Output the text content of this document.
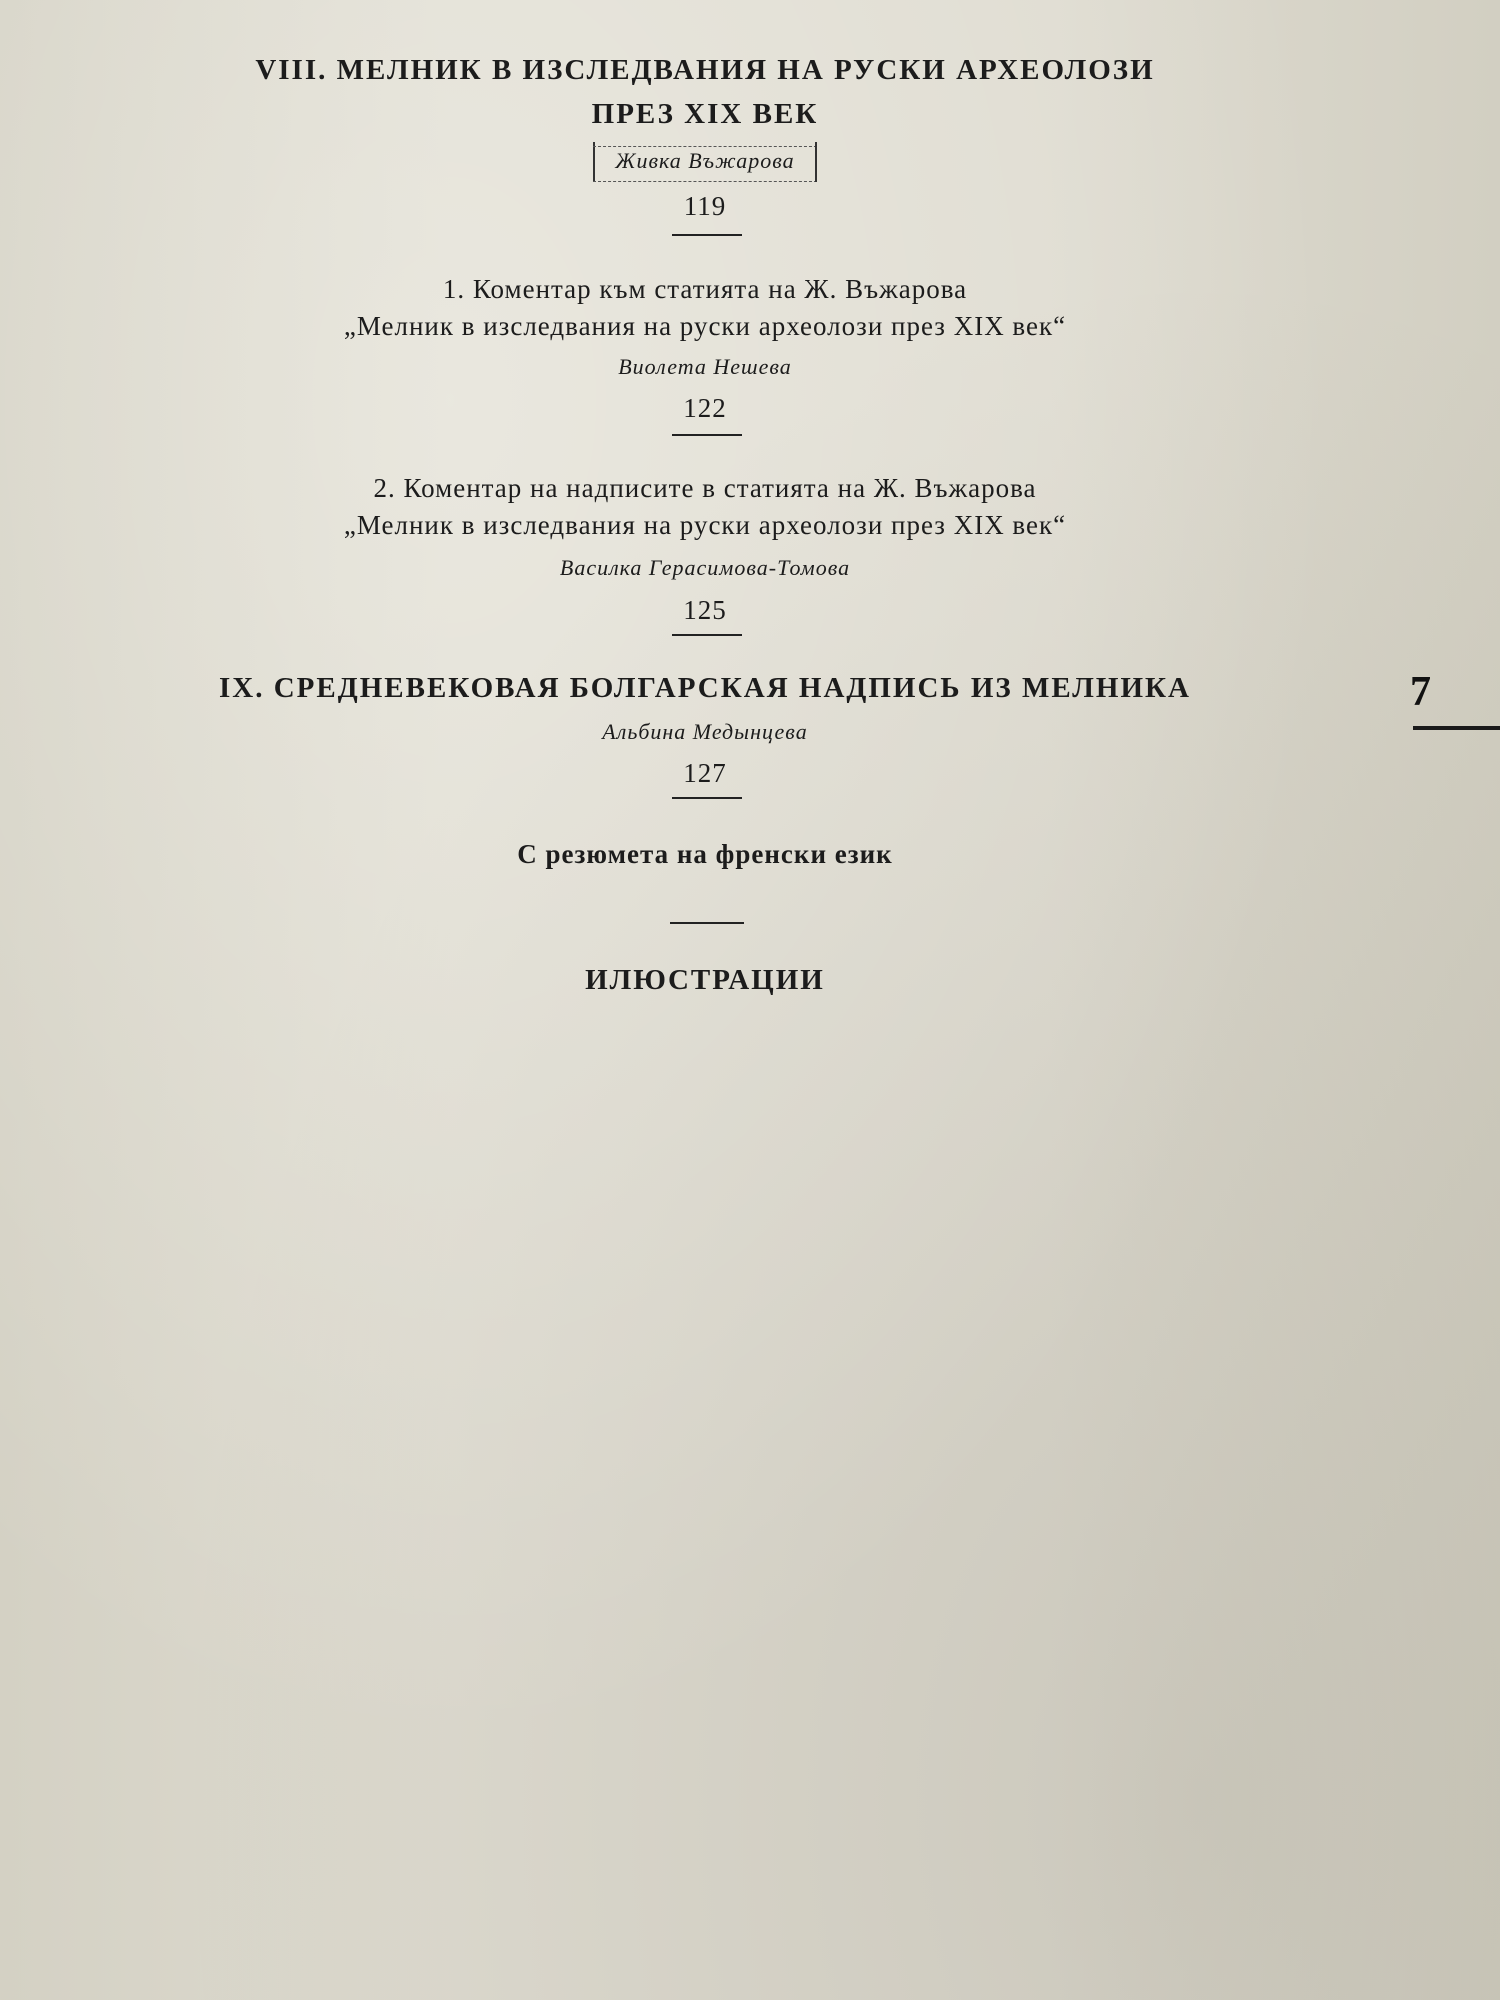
VIII. МЕЛНИК В ИЗСЛЕДВАНИЯ НА РУСКИ АРХЕОЛОЗИ
ПРЕЗ XIX ВЕК
Живка Въжарова
119
1. Коментар към статията на Ж. Въжарова
„Мелник в изследвания на руски археолози през XIX век“
Виолета Нешева
122
2. Коментар на надписите в статията на Ж. Въжарова
„Мелник в изследвания на руски археолози през XIX век“
Василка Герасимова-Томова
125
IX. СРЕДНЕВЕКОВАЯ БОЛГАРСКАЯ НАДПИСЬ ИЗ МЕЛНИКА
Альбина Медынцева
127
С резюмета на френски език
ИЛЮСТРАЦИИ
7
